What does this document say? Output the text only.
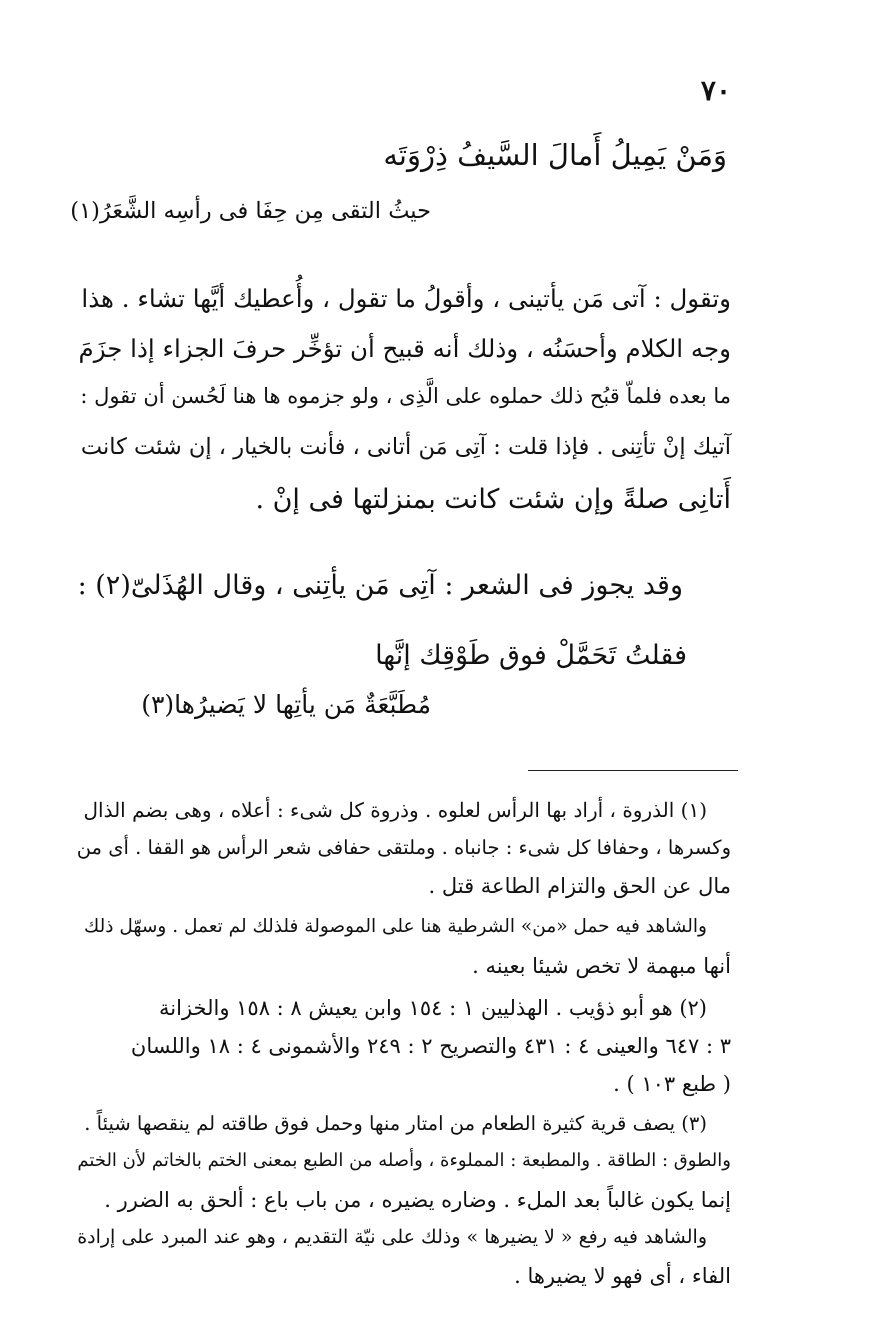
٧٠
وَمَنْ يَمِيلُ أَمالَ السَّيفُ ذِرْوَتَه
حيثُ التقى مِن حِفَا فى رأسِه الشَّعَرُ(١)
وتقول : آتى مَن يأتينى ، وأقولُ ما تقول ، وأُعطيك أيَّها تشاء . هذا
وجه الكلام وأحسَنُه ، وذلك أنه قبيح أن تؤخِّر حرفَ الجزاء إذا جزَمَ
ما بعده فلماّ قبُح ذلك حملوه على الَّذِى ، ولو جزموه ها هنا لَحُسن أن تقول :
آتيك إنْ تأتِنى . فإذا قلت : آتِى مَن أتانى ، فأنت بالخيار ، إن شئت كانت
أَتانِى صلةً وإن شئت كانت بمنزلتها فى إنْ .
وقد يجوز فى الشعر : آتِى مَن يأتِنى ، وقال الهُذَلىّ(٢) :
فقلتُ تَحَمَّلْ فوق طَوْقِك إنَّها
مُطَبَّعَةٌ مَن يأتِها لا يَضيرُها(٣)
(١) الذروة ، أراد بها الرأس لعلوه . وذروة كل شىء : أعلاه ، وهى بضم الذال
وكسرها ، وحفافا كل شىء : جانباه . وملتقى حفافى شعر الرأس هو القفا . أى من
مال عن الحق والتزام الطاعة قتل .
والشاهد فيه حمل «من» الشرطية هنا على الموصولة فلذلك لم تعمل . وسهّل ذلك
أنها مبهمة لا تخص شيئا بعينه .
(٢) هو أبو ذؤيب . الهذليين ١ : ١٥٤ وابن يعيش ٨ : ١٥٨ والخزانة
٣ : ٦٤٧ والعينى ٤ : ٤٣١ والتصريح ٢ : ٢٤٩ والأشمونى ٤ : ١٨ واللسان
( طبع ١٠٣ ) .
(٣) يصف قرية كثيرة الطعام من امتار منها وحمل فوق طاقته لم ينقصها شيئاً .
والطوق : الطاقة . والمطبعة : المملوءة ، وأصله من الطبع بمعنى الختم بالخاتم لأن الختم
إنما يكون غالباً بعد الملء . وضاره يضيره ، من باب باع : ألحق به الضرر .
والشاهد فيه رفع « لا يضيرها » وذلك على نيّة التقديم ، وهو عند المبرد على إرادة
الفاء ، أى فهو لا يضيرها .
